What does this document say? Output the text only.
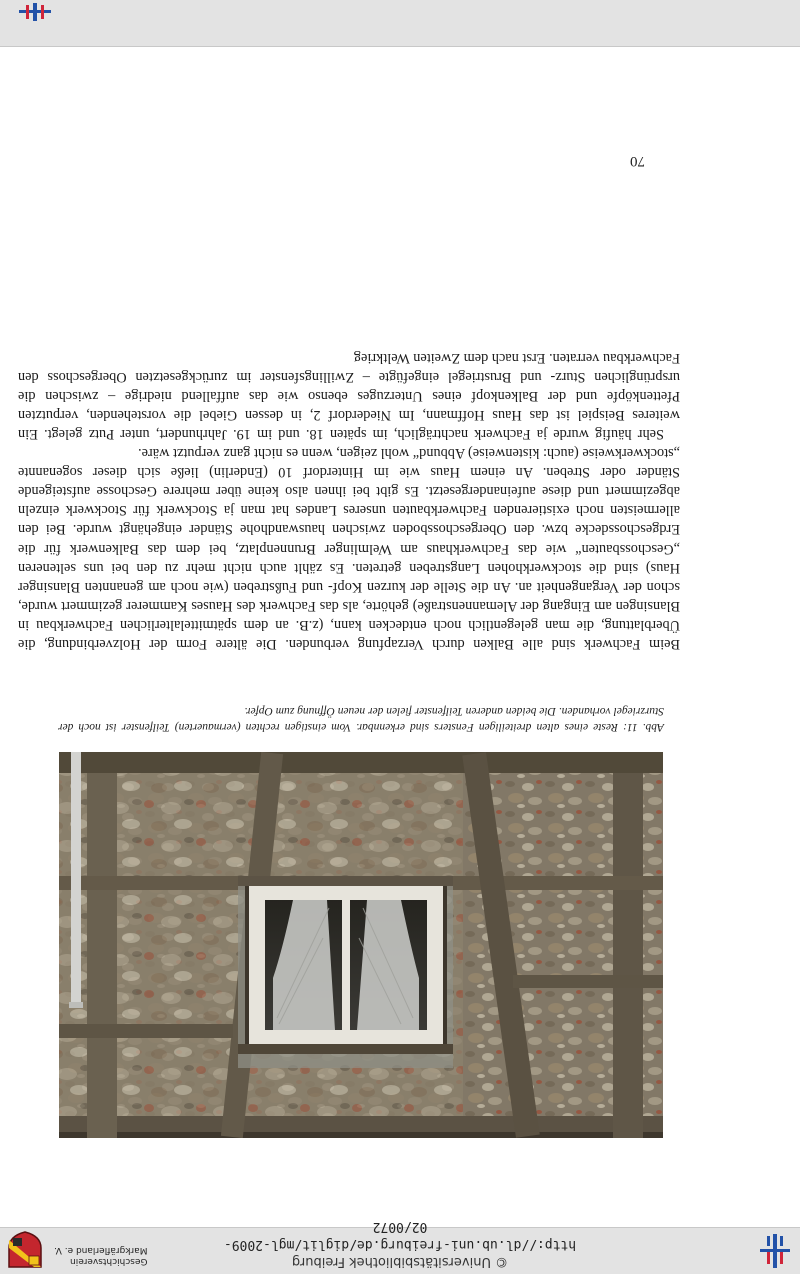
© Universitätsbibliothek Freiburg
http://dl.ub.uni-freiburg.de/diglit/mgl-2009-02/0072
Geschichtsverein
Markgräflerland e. V.
Abb. 11: Reste eines alten dreiteiligen Fensters sind erkennbar. Vom einstigen rechten (vermauerten) Teilfenster ist noch der Sturzriegel vorhanden. Die beiden anderen Teilfenster fielen der neuen Öffnung zum Opfer.

Beim Fachwerk sind alle Balken durch Verzapfung verbunden. Die ältere Form der Holzverbindung, die Überblattung, die man gelegentlich noch entdecken kann, (z.B. an dem spätmittelalterlichen Fachwerkbau in Blansingen am Eingang der Alemannenstraße) gehörte, als das Fachwerk des Hauses Kammerer gezimmert wurde, schon der Vergangenheit an. An die Stelle der kurzen Kopf- und Fußstreben (wie noch am genannten Blansinger Haus) sind die stockwerkhohen Langstreben getreten. Es zählt auch nicht mehr zu den bei uns selteneren „Geschossbauten“ wie das Fachwerkhaus am Welmlinger Brunnenplatz, bei dem das Balkenwerk für die Erdgeschossdecke bzw. den Obergeschossboden zwischen hauswandhohe Ständer eingehängt wurde. Bei den allermeisten noch existierenden Fachwerkbauten unseres Landes hat man ja Stockwerk für Stockwerk einzeln abgezimmert und diese aufeinandergesetzt. Es gibt bei ihnen also keine über mehrere Geschosse aufsteigende Ständer oder Streben. An einem Haus wie im Hinterdorf 10 (Enderlin) ließe sich dieser sogenannte „stockwerkweise (auch: kistenweise) Abbund“ wohl zeigen, wenn es nicht ganz verputzt wäre.

Sehr häufig wurde ja Fachwerk nachträglich, im späten 18. und im 19. Jahrhundert, unter Putz gelegt. Ein weiteres Beispiel ist das Haus Hoffmann, Im Niederdorf 2, in dessen Giebel die vorstehenden, verputzten Pfettenköpfe und der Balkenkopf eines Unterzuges ebenso wie das auffallend niedrige – zwischen die ursprünglichen Sturz- und Brustriegel eingefügte – Zwillingsfenster im zurückgesetzten Obergeschoss den Fachwerkbau verraten. Erst nach dem Zweiten Weltkrieg

70
